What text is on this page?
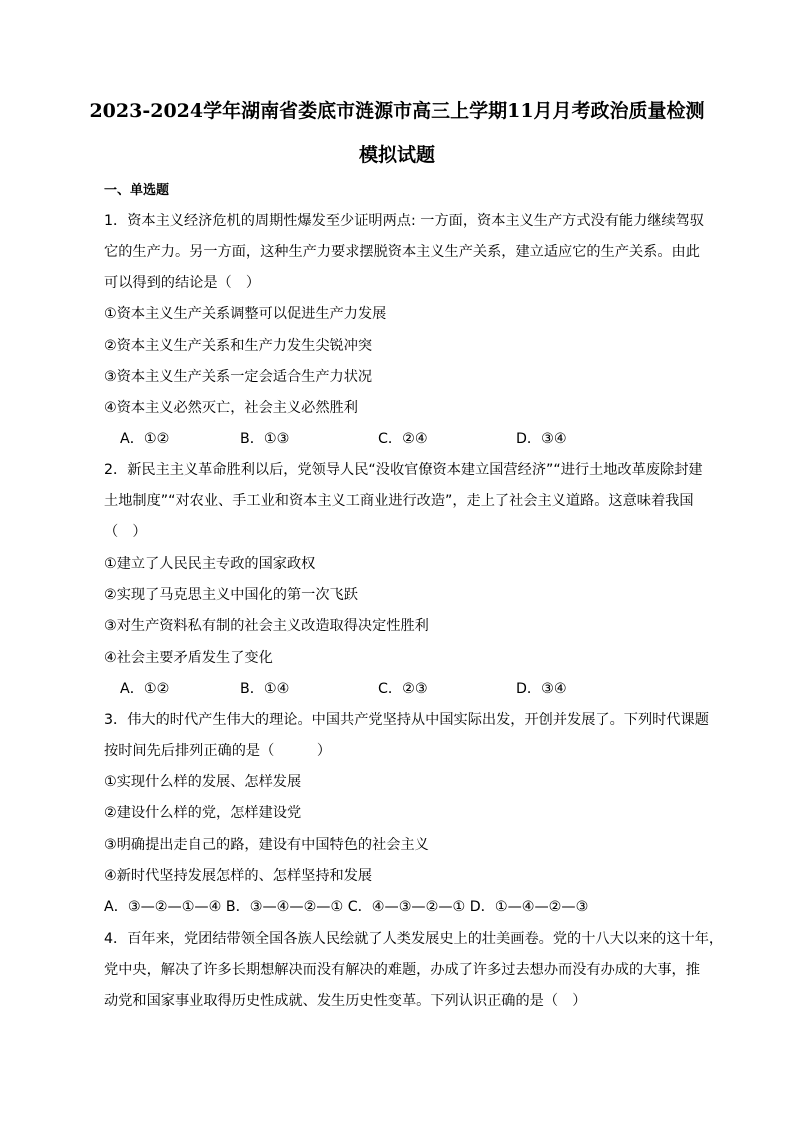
2023-2024学年湖南省娄底市涟源市高三上学期11月月考政治质量检测
模拟试题
一、单选题
1．资本主义经济危机的周期性爆发至少证明两点: 一方面，资本主义生产方式没有能力继续驾驭
它的生产力。另一方面，这种生产力要求摆脱资本主义生产关系，建立适应它的生产关系。由此
可以得到的结论是（　）
①资本主义生产关系调整可以促进生产力发展
②资本主义生产关系和生产力发生尖锐冲突
③资本主义生产关系一定会适合生产力状况
④资本主义必然灭亡，社会主义必然胜利
A．①②	B．①③	C．②④	D．③④
2．新民主主义革命胜利以后，党领导人民“没收官僚资本建立国营经济”“进行土地改革废除封建
土地制度”“对农业、手工业和资本主义工商业进行改造”，走上了社会主义道路。这意味着我国
（　）
①建立了人民民主专政的国家政权
②实现了马克思主义中国化的第一次飞跃
③对生产资料私有制的社会主义改造取得决定性胜利
④社会主要矛盾发生了变化
A．①②	B．①④	C．②③	D．③④
3．伟大的时代产生伟大的理论。中国共产党坚持从中国实际出发，开创并发展了。下列时代课题
按时间先后排列正确的是（　　　）
①实现什么样的发展、怎样发展
②建设什么样的党，怎样建设党
③明确提出走自己的路，建设有中国特色的社会主义
④新时代坚持发展怎样的、怎样坚持和发展
A．③—②—①—④ B．③—④—②—① C．④—③—②—① D．①—④—②—③
4．百年来，党团结带领全国各族人民绘就了人类发展史上的壮美画卷。党的十八大以来的这十年，
党中央，解决了许多长期想解决而没有解决的难题，办成了许多过去想办而没有办成的大事，推
动党和国家事业取得历史性成就、发生历史性变革。下列认识正确的是（　）
